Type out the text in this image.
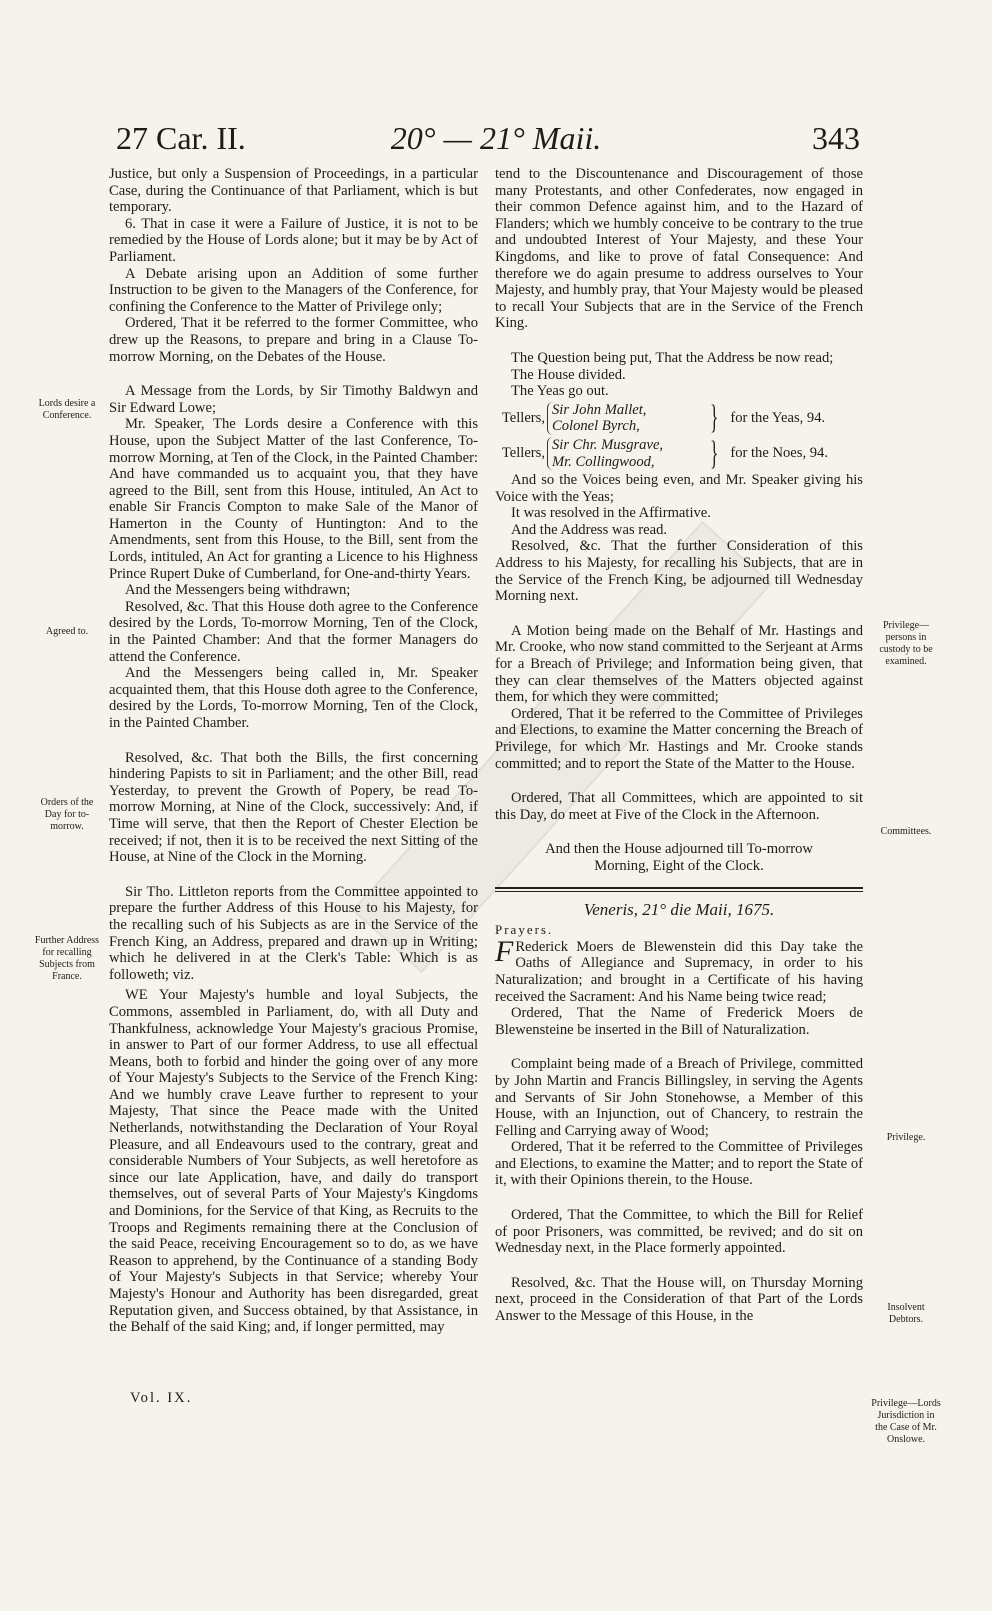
27 Car. II.	20° — 21° Maii.	343

Justice, but only a Suspension of Proceedings, in a particular Case, during the Continuance of that Parliament, which is but temporary.

6. That in case it were a Failure of Justice, it is not to be remedied by the House of Lords alone; but it may be by Act of Parliament.

A Debate arising upon an Addition of some further Instruction to be given to the Managers of the Conference, for confining the Conference to the Matter of Privilege only;

Ordered, That it be referred to the former Committee, who drew up the Reasons, to prepare and bring in a Clause To-morrow Morning, on the Debates of the House.

A Message from the Lords, by Sir Timothy Baldwyn and Sir Edward Lowe;

Mr. Speaker, The Lords desire a Conference with this House, upon the Subject Matter of the last Conference, To-morrow Morning, at Ten of the Clock, in the Painted Chamber: And have commanded us to acquaint you, that they have agreed to the Bill, sent from this House, intituled, An Act to enable Sir Francis Compton to make Sale of the Manor of Hamerton in the County of Huntington: And to the Amendments, sent from this House, to the Bill, sent from the Lords, intituled, An Act for granting a Licence to his Highness Prince Rupert Duke of Cumberland, for One-and-thirty Years.

And the Messengers being withdrawn;

Resolved, &c. That this House doth agree to the Conference desired by the Lords, To-morrow Morning, Ten of the Clock, in the Painted Chamber: And that the former Managers do attend the Conference.

And the Messengers being called in, Mr. Speaker acquainted them, that this House doth agree to the Conference, desired by the Lords, To-morrow Morning, Ten of the Clock, in the Painted Chamber.

Resolved, &c. That both the Bills, the first concerning hindering Papists to sit in Parliament; and the other Bill, read Yesterday, to prevent the Growth of Popery, be read To-morrow Morning, at Nine of the Clock, successively: And, if Time will serve, that then the Report of Chester Election be received; if not, then it is to be received the next Sitting of the House, at Nine of the Clock in the Morning.

Sir Tho. Littleton reports from the Committee appointed to prepare the further Address of this House to his Majesty, for the recalling such of his Subjects as are in the Service of the French King, an Address, prepared and drawn up in Writing; which he delivered in at the Clerk's Table: Which is as followeth; viz.

WE Your Majesty's humble and loyal Subjects, the Commons, assembled in Parliament, do, with all Duty and Thankfulness, acknowledge Your Majesty's gracious Promise, in answer to Part of our former Address, to use all effectual Means, both to forbid and hinder the going over of any more of Your Majesty's Subjects to the Service of the French King: And we humbly crave Leave further to represent to your Majesty, That since the Peace made with the United Netherlands, notwithstanding the Declaration of Your Royal Pleasure, and all Endeavours used to the contrary, great and considerable Numbers of Your Subjects, as well heretofore as since our late Application, have, and daily do transport themselves, out of several Parts of Your Majesty's Kingdoms and Dominions, for the Service of that King, as Recruits to the Troops and Regiments remaining there at the Conclusion of the said Peace, receiving Encouragement so to do, as we have Reason to apprehend, by the Continuance of a standing Body of Your Majesty's Subjects in that Service; whereby Your Majesty's Honour and Authority has been disregarded, great Reputation given, and Success obtained, by that Assistance, in the Behalf of the said King; and, if longer permitted, may

Vol. IX.

tend to the Discountenance and Discouragement of those many Protestants, and other Confederates, now engaged in their common Defence against him, and to the Hazard of Flanders; which we humbly conceive to be contrary to the true and undoubted Interest of Your Majesty, and these Your Kingdoms, and like to prove of fatal Consequence: And therefore we do again presume to address ourselves to Your Majesty, and humbly pray, that Your Majesty would be pleased to recall Your Subjects that are in the Service of the French King.

The Question being put, That the Address be now read;

The House divided.

The Yeas go out.

Tellers,
Sir John Mallet,
Colonel Byrch,	} for the Yeas, 94.
Tellers,
Sir Chr. Musgrave,
Mr. Collingwood,	} for the Noes, 94.

And so the Voices being even, and Mr. Speaker giving his Voice with the Yeas;

It was resolved in the Affirmative.

And the Address was read.

Resolved, &c. That the further Consideration of this Address to his Majesty, for recalling his Subjects, that are in the Service of the French King, be adjourned till Wednesday Morning next.

A Motion being made on the Behalf of Mr. Hastings and Mr. Crooke, who now stand committed to the Serjeant at Arms for a Breach of Privilege; and Information being given, that they can clear themselves of the Matters objected against them, for which they were committed;

Ordered, That it be referred to the Committee of Privileges and Elections, to examine the Matter concerning the Breach of Privilege, for which Mr. Hastings and Mr. Crooke stands committed; and to report the State of the Matter to the House.

Ordered, That all Committees, which are appointed to sit this Day, do meet at Five of the Clock in the Afternoon.

And then the House adjourned till To-morrow Morning, Eight of the Clock.

Veneris, 21° die Maii, 1675.

Prayers.

F Rederick Moers de Blewenstein did this Day take the Oaths of Allegiance and Supremacy, in order to his Naturalization; and brought in a Certificate of his having received the Sacrament: And his Name being twice read;

Ordered, That the Name of Frederick Moers de Blewensteine be inserted in the Bill of Naturalization.

Complaint being made of a Breach of Privilege, committed by John Martin and Francis Billingsley, in serving the Agents and Servants of Sir John Stonehowse, a Member of this House, with an Injunction, out of Chancery, to restrain the Felling and Carrying away of Wood;

Ordered, That it be referred to the Committee of Privileges and Elections, to examine the Matter; and to report the State of it, with their Opinions therein, to the House.

Ordered, That the Committee, to which the Bill for Relief of poor Prisoners, was committed, be revived; and do sit on Wednesday next, in the Place formerly appointed.

Resolved, &c. That the House will, on Thursday Morning next, proceed in the Consideration of that Part of the Lords Answer to the Message of this House, in the

Lords desire a Conference.
Agreed to.
Orders of the Day for to-morrow.
Further Address for recalling Subjects from France.
Privilege—persons in custody to be examined.
Committees.
Privilege.
Insolvent Debtors.
Privilege—Lords Jurisdiction in the Case of Mr. Onslowe.
